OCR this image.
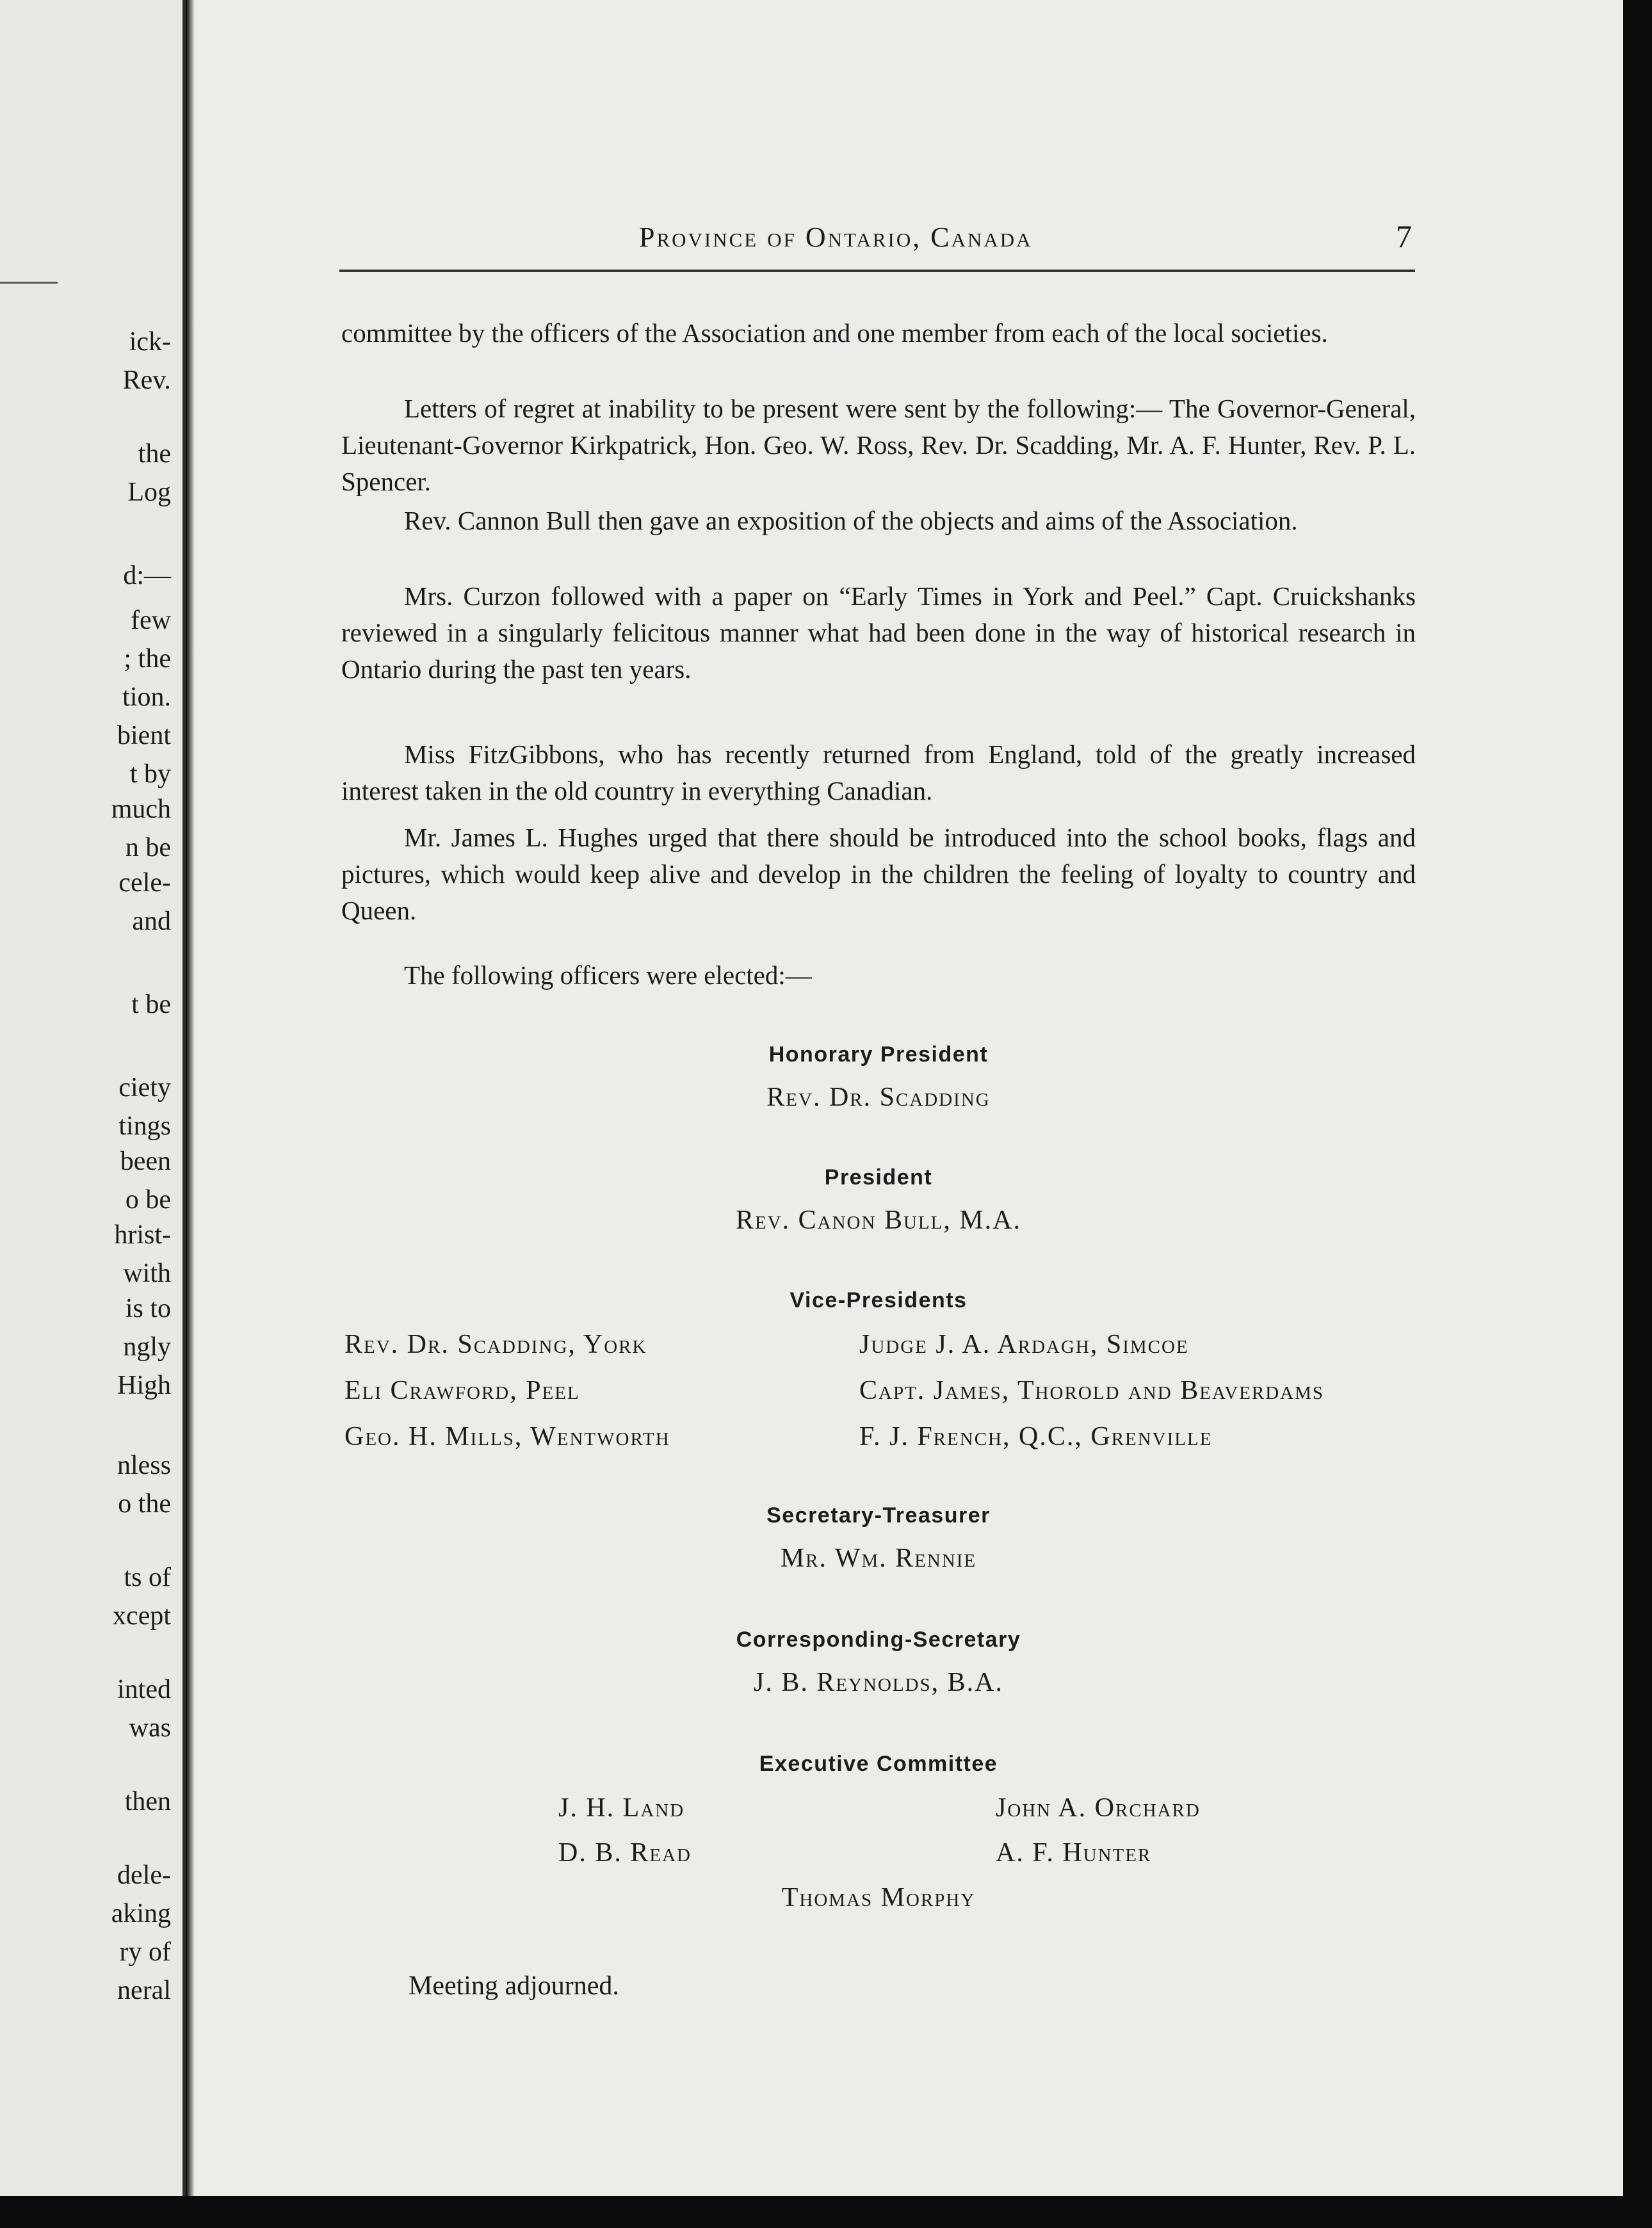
ick-
Rev.
the
Log
d:—
few
; the
tion.
bient
t by
much
n be
cele-
and
t be
ciety
tings
been
o be
hrist-
with
is to
ngly
High
nless
o the
ts of
xcept
inted
was
then
dele-
aking
ry of
neral
Province of Ontario, Canada	7
committee by the officers of the Association and one member from each of the local societies.
Letters of regret at inability to be present were sent by the following:— The Governor-General, Lieutenant-Governor Kirkpatrick, Hon. Geo. W. Ross, Rev. Dr. Scadding, Mr. A. F. Hunter, Rev. P. L. Spencer.
Rev. Cannon Bull then gave an exposition of the objects and aims of the Association.
Mrs. Curzon followed with a paper on “Early Times in York and Peel.” Capt. Cruickshanks reviewed in a singularly felicitous manner what had been done in the way of historical research in Ontario during the past ten years.
Miss FitzGibbons, who has recently returned from England, told of the greatly increased interest taken in the old country in everything Canadian.
Mr. James L. Hughes urged that there should be introduced into the school books, flags and pictures, which would keep alive and develop in the children the feeling of loyalty to country and Queen.
The following officers were elected:—
Honorary President
Rev. Dr. Scadding
President
Rev. Canon Bull, M.A.
Vice-Presidents
Rev. Dr. Scadding, York
Eli Crawford, Peel
Geo. H. Mills, Wentworth
Judge J. A. Ardagh, Simcoe
Capt. James, Thorold and Beaverdams
F. J. French, Q.C., Grenville
Secretary-Treasurer
Mr. Wm. Rennie
Corresponding-Secretary
J. B. Reynolds, B.A.
Executive Committee
J. H. Land
D. B. Read
John A. Orchard
A. F. Hunter
Thomas Morphy
Meeting adjourned.
